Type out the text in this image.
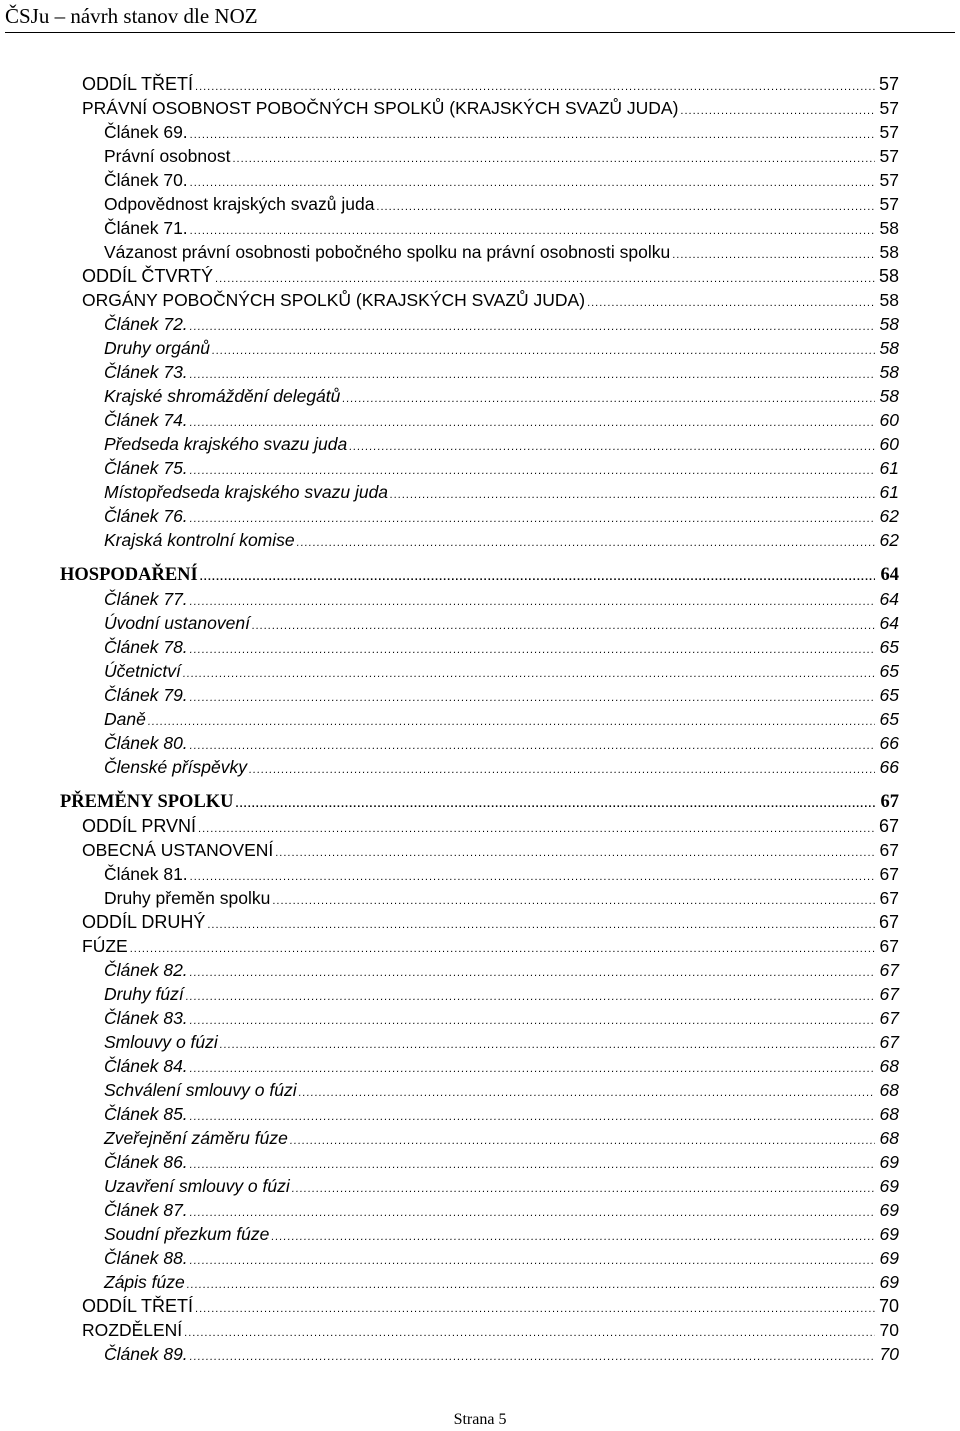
ČSJu – návrh stanov dle NOZ
ODDÍL TŘETÍ .....	57
PRÁVNÍ OSOBNOST POBOČNÝCH SPOLKŮ (KRAJSKÝCH SVAZŮ JUDA) .....	57
Článek 69. .....	57
Právní osobnost .....	57
Článek 70. .....	57
Odpovědnost krajských svazů juda .....	57
Článek 71. .....	58
Vázanost právní osobnosti pobočného spolku na právní osobnosti spolku .....	58
ODDÍL ČTVRTÝ .....	58
ORGÁNY POBOČNÝCH SPOLKŮ (KRAJSKÝCH SVAZŮ JUDA) .....	58
Článek 72. .....	58
Druhy orgánů .....	58
Článek 73. .....	58
Krajské shromáždění delegátů .....	58
Článek 74. .....	60
Předseda krajského svazu juda .....	60
Článek 75. .....	61
Místopředseda krajského svazu juda .....	61
Článek 76. .....	62
Krajská kontrolní komise .....	62
HOSPODAŘENÍ .....	64
Článek 77. .....	64
Úvodní ustanovení .....	64
Článek 78. .....	65
Účetnictví .....	65
Článek 79. .....	65
Daně .....	65
Článek 80. .....	66
Členské příspěvky .....	66
PŘEMĚNY SPOLKU .....	67
ODDÍL PRVNÍ .....	67
OBECNÁ USTANOVENÍ .....	67
Článek 81. .....	67
Druhy přeměn spolku .....	67
ODDÍL DRUHÝ .....	67
FÚZE .....	67
Článek 82. .....	67
Druhy fúzí .....	67
Článek 83. .....	67
Smlouvy o fúzi .....	67
Článek 84. .....	68
Schválení smlouvy o fúzi .....	68
Článek 85. .....	68
Zveřejnění záměru fúze .....	68
Článek 86. .....	69
Uzavření smlouvy o fúzi .....	69
Článek 87. .....	69
Soudní přezkum fúze .....	69
Článek 88. .....	69
Zápis fúze .....	69
ODDÍL TŘETÍ .....	70
ROZDĚLENÍ .....	70
Článek 89. .....	70
Strana 5
